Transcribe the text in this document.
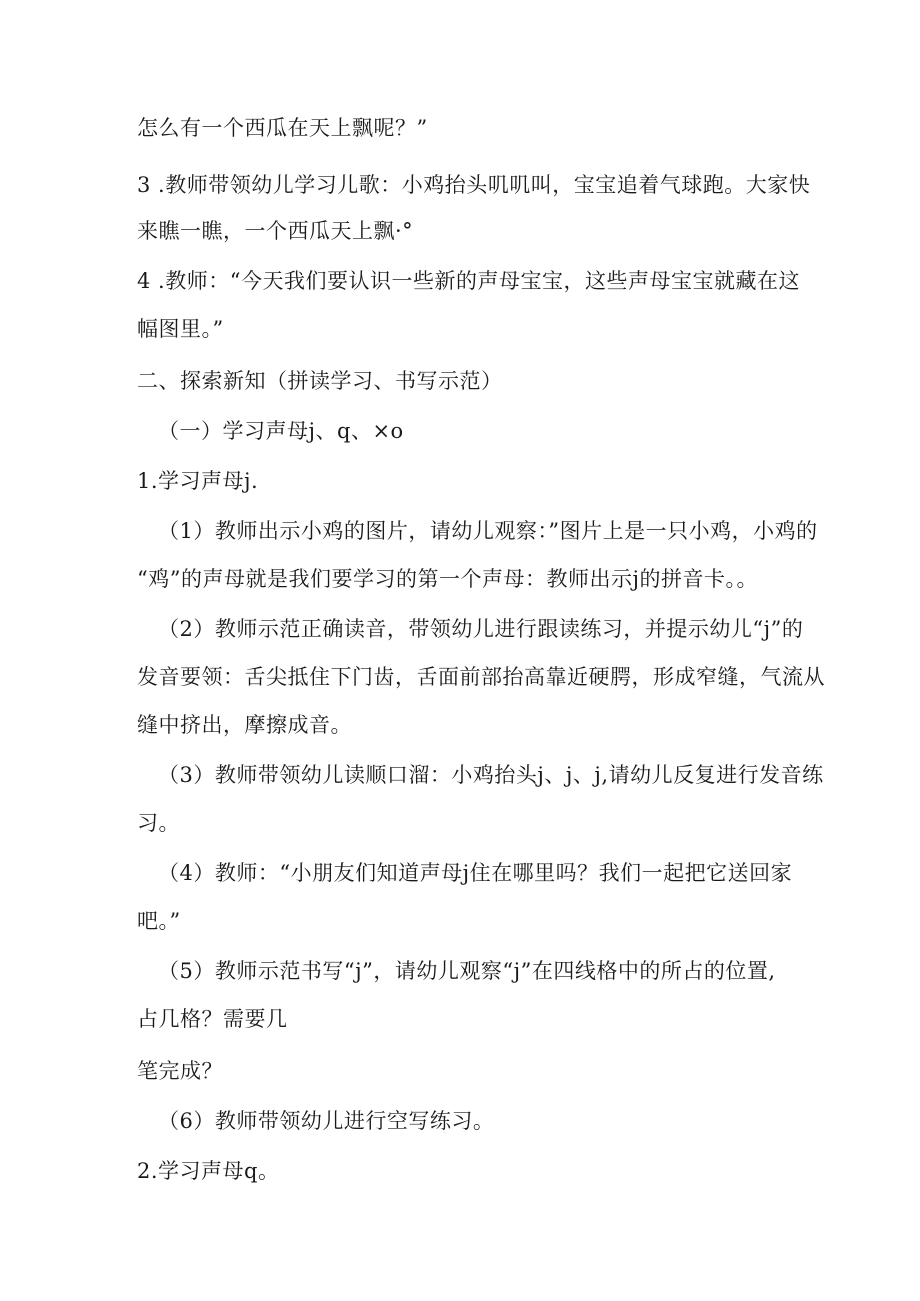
怎么有一个西瓜在天上飘呢？”
3 .教师带领幼儿学习儿歌：小鸡抬头叽叽叫，宝宝追着气球跑。大家快
来瞧一瞧，一个西瓜天上飘·°
4 .教师：“今天我们要认识一些新的声母宝宝，这些声母宝宝就藏在这
幅图里。”
二、探索新知（拼读学习、书写示范）
（一）学习声母j、q、×o
1.学习声母j.
（1）教师出示小鸡的图片，请幼儿观察：”图片上是一只小鸡，小鸡的
“鸡”的声母就是我们要学习的第一个声母：教师出示j的拼音卡。。
（2）教师示范正确读音，带领幼儿进行跟读练习，并提示幼儿“j”的
发音要领：舌尖抵住下门齿，舌面前部抬高靠近硬腭，形成窄缝，气流从
缝中挤出，摩擦成音。
（3）教师带领幼儿读顺口溜：小鸡抬头j、j、j,请幼儿反复进行发音练
习。
（4）教师：“小朋友们知道声母j住在哪里吗？我们一起把它送回家
吧。”
（5）教师示范书写“j”，请幼儿观察“j”在四线格中的所占的位置,
占几格？需要几
笔完成？
（6）教师带领幼儿进行空写练习。
2.学习声母q。
